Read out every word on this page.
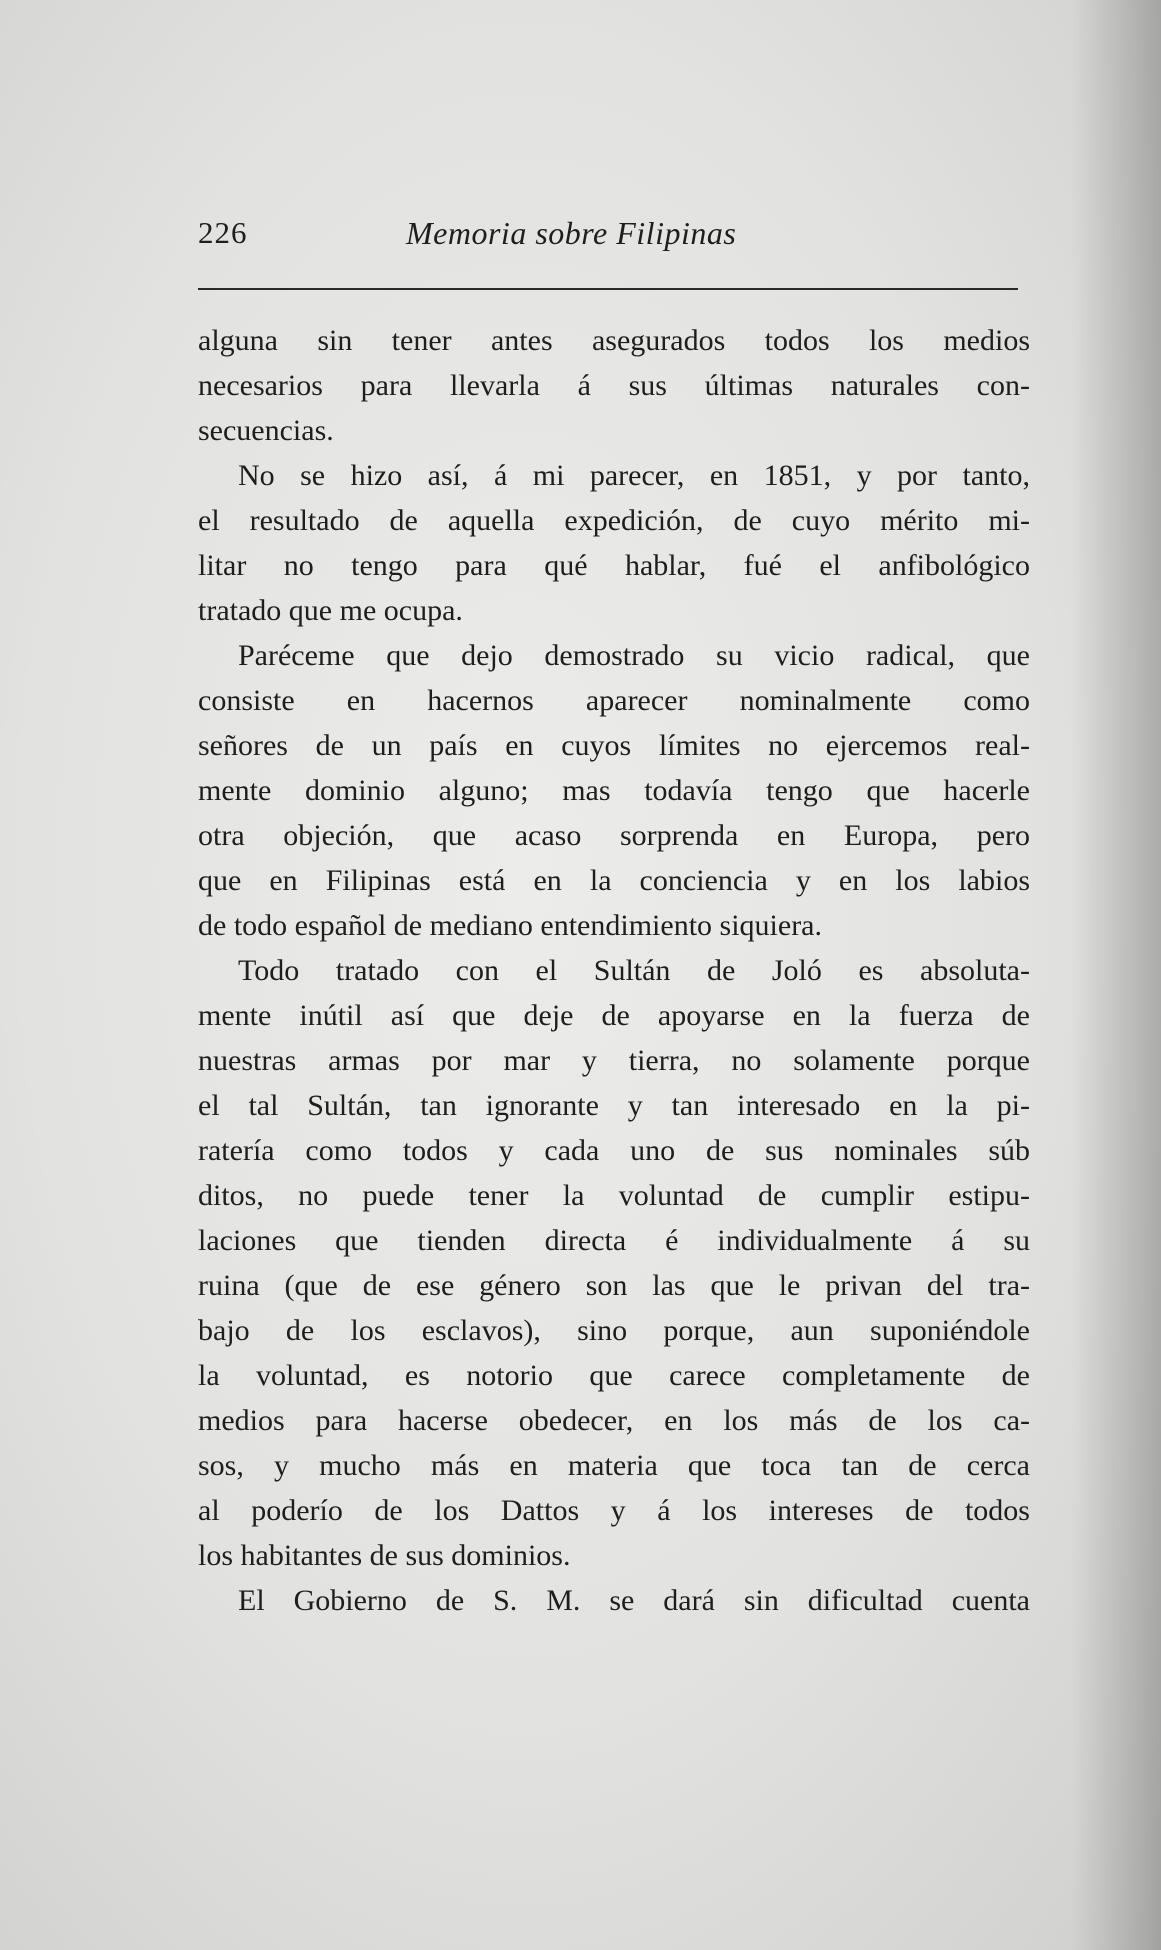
226	Memoria sobre Filipinas
alguna sin tener antes asegurados todos los medios
necesarios para llevarla á sus últimas naturales con-
secuencias.
No se hizo así, á mi parecer, en 1851, y por tanto,
el resultado de aquella expedición, de cuyo mérito mi-
litar no tengo para qué hablar, fué el anfibológico
tratado que me ocupa.
Paréceme que dejo demostrado su vicio radical, que
consiste en hacernos aparecer nominalmente como
señores de un país en cuyos límites no ejercemos real-
mente dominio alguno; mas todavía tengo que hacerle
otra objeción, que acaso sorprenda en Europa, pero
que en Filipinas está en la conciencia y en los labios
de todo español de mediano entendimiento siquiera.
Todo tratado con el Sultán de Joló es absoluta-
mente inútil así que deje de apoyarse en la fuerza de
nuestras armas por mar y tierra, no solamente porque
el tal Sultán, tan ignorante y tan interesado en la pi-
ratería como todos y cada uno de sus nominales súb
ditos, no puede tener la voluntad de cumplir estipu-
laciones que tienden directa é individualmente á su
ruina (que de ese género son las que le privan del tra-
bajo de los esclavos), sino porque, aun suponiéndole
la voluntad, es notorio que carece completamente de
medios para hacerse obedecer, en los más de los ca-
sos, y mucho más en materia que toca tan de cerca
al poderío de los Dattos y á los intereses de todos
los habitantes de sus dominios.
El Gobierno de S. M. se dará sin dificultad cuenta
